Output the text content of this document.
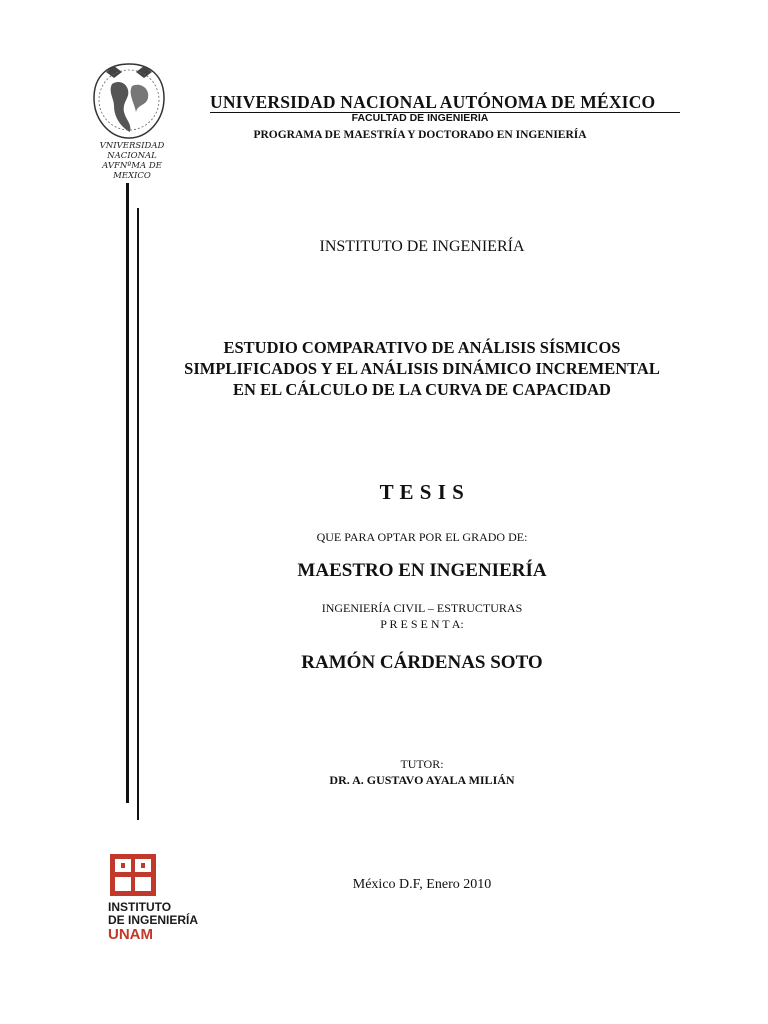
VNIVERSIDAD NACIONAL
AVFNºMA DE
MEXICO
UNIVERSIDAD NACIONAL AUTÓNOMA DE MÉXICO
FACULTAD DE INGENIERÍA
PROGRAMA DE MAESTRÍA Y DOCTORADO EN INGENIERÍA
INSTITUTO DE INGENIERÍA
ESTUDIO COMPARATIVO DE ANÁLISIS SÍSMICOS
SIMPLIFICADOS Y EL ANÁLISIS DINÁMICO INCREMENTAL
EN EL CÁLCULO DE LA CURVA DE CAPACIDAD
T E S I S
QUE PARA OPTAR POR EL GRADO DE:
MAESTRO EN INGENIERÍA
INGENIERÍA CIVIL – ESTRUCTURAS
P R E S E N T A:
RAMÓN CÁRDENAS SOTO
TUTOR:
DR. A. GUSTAVO AYALA MILIÁN
México D.F, Enero 2010
INSTITUTO
DE INGENIERÍA
UNAM
